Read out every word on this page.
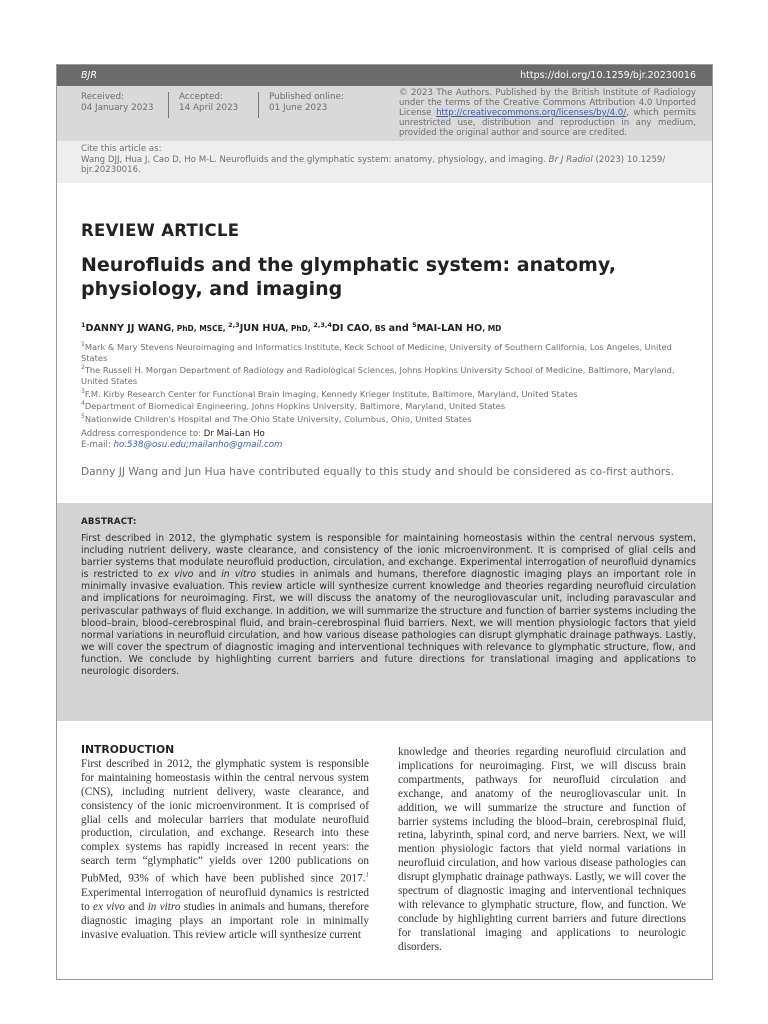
BJR	https://doi.org/10.1259/bjr.20230016
Received:
04 January 2023
Accepted:
14 April 2023
Published online:
01 June 2023
© 2023 The Authors. Published by the British Institute of Radiology under the terms of the Creative Commons Attribution 4.0 Unported License http://creativecommons.org/licenses/by/4.0/, which permits unrestricted use, distribution and reproduction in any medium, provided the original author and source are credited.
Cite this article as:
Wang DJJ, Hua J, Cao D, Ho M-L. Neurofluids and the glymphatic system: anatomy, physiology, and imaging. Br J Radiol (2023) 10.1259/ bjr.20230016.
REVIEW ARTICLE
Neurofluids and the glymphatic system: anatomy, physiology, and imaging
$^1$DANNY JJ WANG, PhD, MSCE, $^{2,3}$JUN HUA, PhD, $^{2,3,4}$DI CAO, BS and $^5$MAI-LAN HO, MD
$^1$Mark & Mary Stevens Neuroimaging and Informatics Institute, Keck School of Medicine, University of Southern California, Los Angeles, United States
$^2$The Russell H. Morgan Department of Radiology and Radiological Sciences, Johns Hopkins University School of Medicine, Baltimore, Maryland, United States
$^3$F.M. Kirby Research Center for Functional Brain Imaging, Kennedy Krieger Institute, Baltimore, Maryland, United States
$^4$Department of Biomedical Engineering, Johns Hopkins University, Baltimore, Maryland, United States
$^5$Nationwide Children's Hospital and The Ohio State University, Columbus, Ohio, United States
Address correspondence to: Dr Mai-Lan Ho
E-mail: ho.538@osu.edu;mailanho@gmail.com
Danny JJ Wang and Jun Hua have contributed equally to this study and should be considered as co-first authors.
ABSTRACT:
First described in 2012, the glymphatic system is responsible for maintaining homeostasis within the central nervous system, including nutrient delivery, waste clearance, and consistency of the ionic microenvironment. It is comprised of glial cells and barrier systems that modulate neurofluid production, circulation, and exchange. Experimental interrogation of neurofluid dynamics is restricted to ex vivo and in vitro studies in animals and humans, therefore diagnostic imaging plays an important role in minimally invasive evaluation. This review article will synthesize current knowledge and theories regarding neurofluid circulation and implications for neuroimaging. First, we will discuss the anatomy of the neurogliovascular unit, including paravascular and perivascular pathways of fluid exchange. In addition, we will summarize the structure and function of barrier systems including the blood–brain, blood–cerebrospinal fluid, and brain–cerebrospinal fluid barriers. Next, we will mention physiologic factors that yield normal variations in neurofluid circulation, and how various disease pathologies can disrupt glymphatic drainage pathways. Lastly, we will cover the spectrum of diagnostic imaging and interventional techniques with relevance to glymphatic structure, flow, and function. We conclude by highlighting current barriers and future directions for translational imaging and applications to neurologic disorders.
INTRODUCTION

First described in 2012, the glymphatic system is responsible for maintaining homeostasis within the central nervous system (CNS), including nutrient delivery, waste clearance, and consistency of the ionic microenvironment. It is comprised of glial cells and molecular barriers that modulate neurofluid production, circulation, and exchange. Research into these complex systems has rapidly increased in recent years: the search term “glymphatic” yields over 1200 publications on PubMed, 93% of which have been published since 2017.$^1$ Experimental interrogation of neurofluid dynamics is restricted to ex vivo and in vitro studies in animals and humans, therefore diagnostic imaging plays an important role in minimally invasive evaluation. This review article will synthesize current

knowledge and theories regarding neurofluid circulation and implications for neuroimaging. First, we will discuss brain compartments, pathways for neurofluid circulation and exchange, and anatomy of the neurogliovascular unit. In addition, we will summarize the structure and function of barrier systems including the blood–brain, cerebrospinal fluid, retina, labyrinth, spinal cord, and nerve barriers. Next, we will mention physiologic factors that yield normal variations in neurofluid circulation, and how various disease pathologies can disrupt glymphatic drainage pathways. Lastly, we will cover the spectrum of diagnostic imaging and interventional techniques with relevance to glymphatic structure, flow, and function. We conclude by highlighting current barriers and future directions for translational imaging and applications to neurologic disorders.
